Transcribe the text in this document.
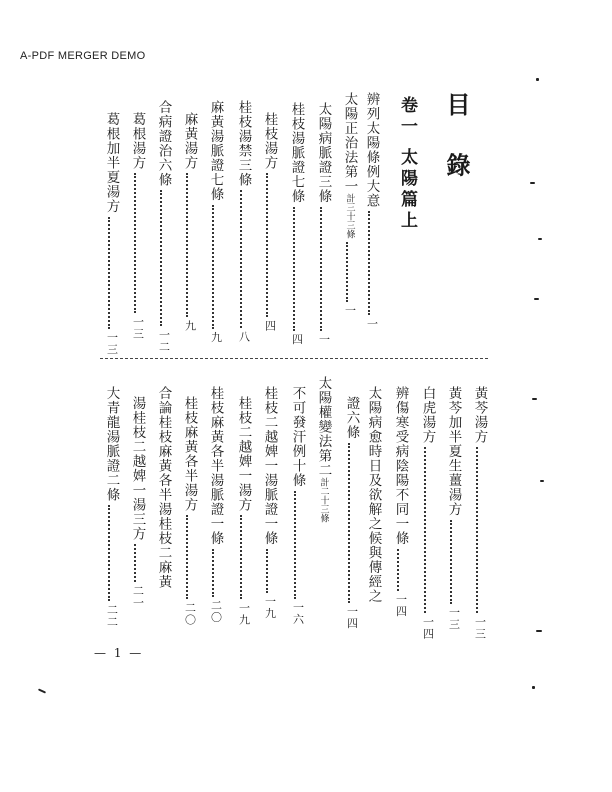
A-PDF MERGER DEMO
目 錄
卷一 太陽篇上
辨列太陽條例大意一
太陽正治法第一計三十三條一
太陽病脈證三條一
桂枝湯脈證七條四
桂枝湯方四
桂枝湯禁三條八
麻黃湯脈證七條九
麻黃湯方九
合病證治六條一二
葛根湯方一三
葛根加半夏湯方一三
黃芩湯方一三
黃芩加半夏生薑湯方一三
白虎湯方一四
辨傷寒受病陰陽不同一條一四
太陽病愈時日及欲解之候與傳經之
證六條一四
太陽權變法第二計二十三條
不可發汗例十條一六
桂枝二越婢一湯脈證一條一九
桂枝二越婢一湯方一九
桂枝麻黃各半湯脈證一條二〇
桂枝麻黃各半湯方二〇
合論桂枝麻黃各半湯桂枝二麻黃
湯桂枝二越婢一湯三方二一
大青龍湯脈證二條二二
— 1 —
